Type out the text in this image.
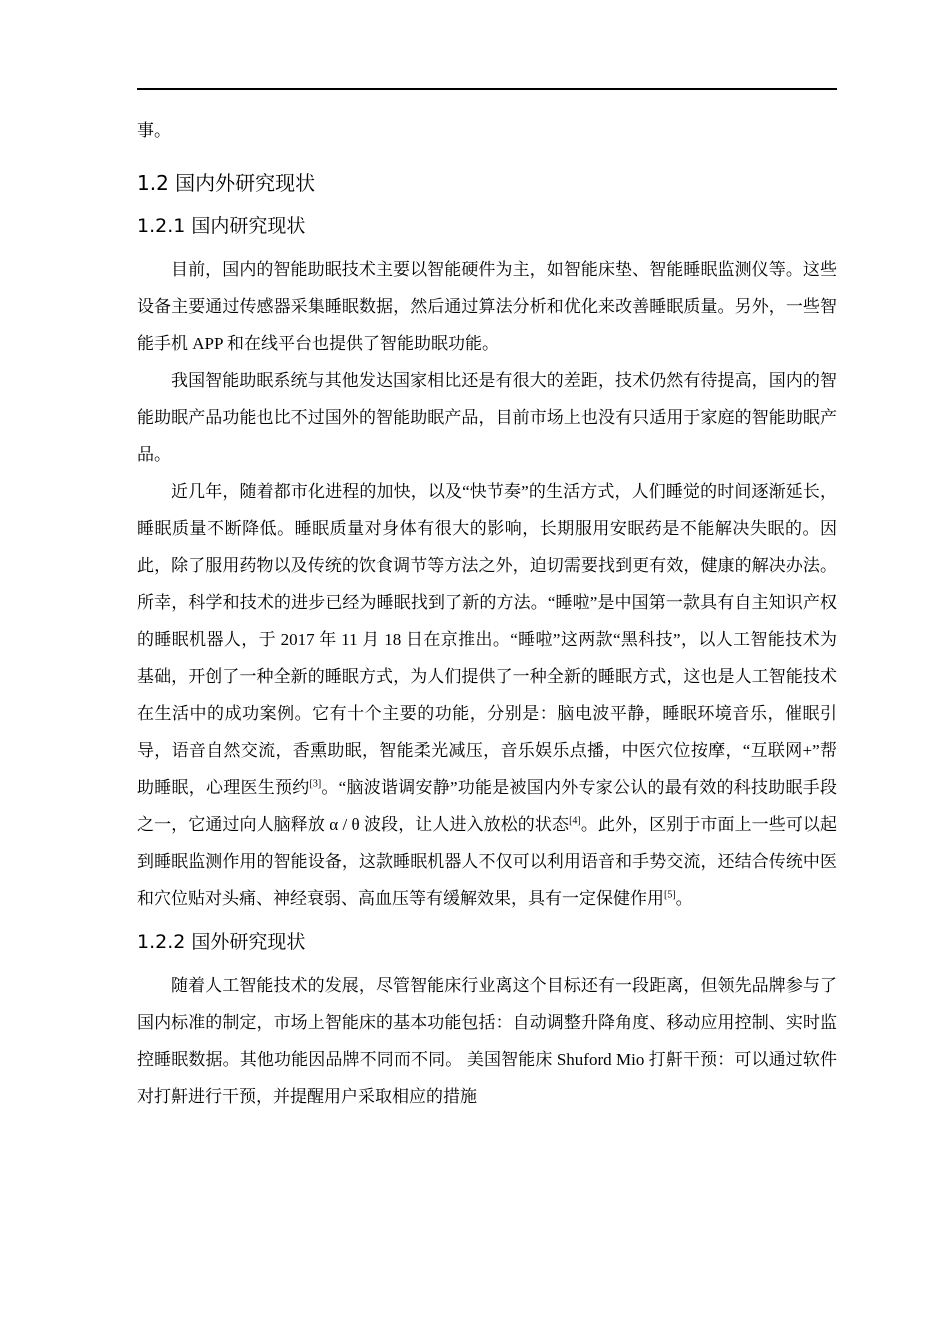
事。

1.2 国内外研究现状
1.2.1 国内研究现状

目前，国内的智能助眠技术主要以智能硬件为主，如智能床垫、智能睡眠监测仪等。这些设备主要通过传感器采集睡眠数据，然后通过算法分析和优化来改善睡眠质量。另外，一些智能手机 APP 和在线平台也提供了智能助眠功能。

我国智能助眠系统与其他发达国家相比还是有很大的差距，技术仍然有待提高，国内的智能助眠产品功能也比不过国外的智能助眠产品，目前市场上也没有只适用于家庭的智能助眠产品。

近几年，随着都市化进程的加快，以及“快节奏”的生活方式，人们睡觉的时间逐渐延长，睡眠质量不断降低。睡眠质量对身体有很大的影响，长期服用安眠药是不能解决失眠的。因此，除了服用药物以及传统的饮食调节等方法之外，迫切需要找到更有效，健康的解决办法。所幸，科学和技术的进步已经为睡眠找到了新的方法。“睡啦”是中国第一款具有自主知识产权的睡眠机器人，于 2017 年 11 月 18 日在京推出。“睡啦”这两款“黑科技”，以人工智能技术为基础，开创了一种全新的睡眠方式，为人们提供了一种全新的睡眠方式，这也是人工智能技术在生活中的成功案例。它有十个主要的功能，分别是：脑电波平静，睡眠环境音乐，催眠引导，语音自然交流，香熏助眠，智能柔光减压，音乐娱乐点播，中医穴位按摩，“互联网+”帮助睡眠，心理医生预约[3]。“脑波谐调安静”功能是被国内外专家公认的最有效的科技助眠手段之一，它通过向人脑释放 α / θ 波段，让人进入放松的状态[4]。此外，区别于市面上一些可以起到睡眠监测作用的智能设备，这款睡眠机器人不仅可以利用语音和手势交流，还结合传统中医和穴位贴对头痛、神经衰弱、高血压等有缓解效果，具有一定保健作用[5]。

1.2.2 国外研究现状

随着人工智能技术的发展，尽管智能床行业离这个目标还有一段距离，但领先品牌参与了国内标准的制定，市场上智能床的基本功能包括：自动调整升降角度、移动应用控制、实时监控睡眠数据。其他功能因品牌不同而不同。 美国智能床 Shuford Mio 打鼾干预：可以通过软件对打鼾进行干预，并提醒用户采取相应的措施
